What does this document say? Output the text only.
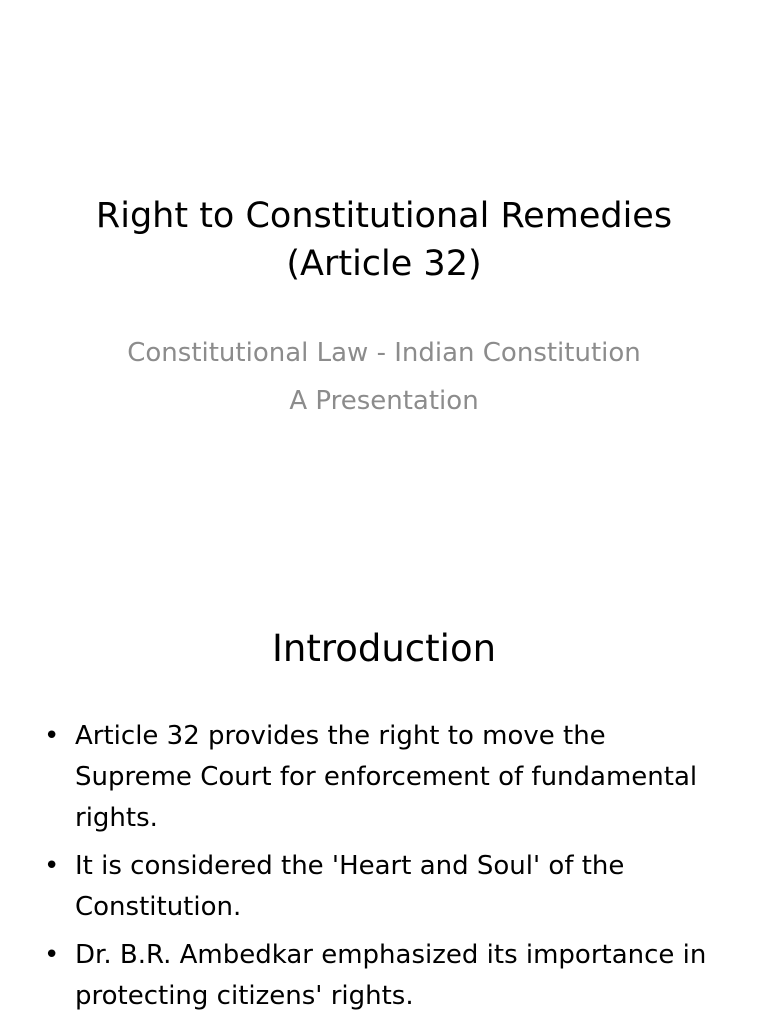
Right to Constitutional Remedies (Article 32)
Constitutional Law - Indian Constitution
A Presentation
Introduction
• Article 32 provides the right to move the Supreme Court for enforcement of fundamental rights.
• It is considered the 'Heart and Soul' of the Constitution.
• Dr. B.R. Ambedkar emphasized its importance in protecting citizens' rights.
